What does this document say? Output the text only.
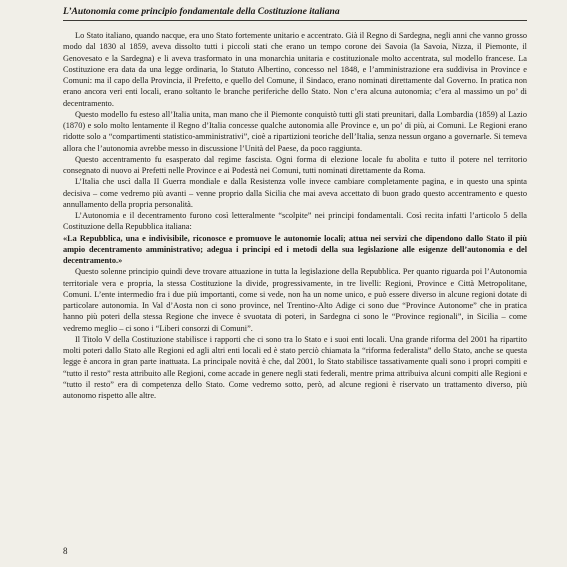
L’Autonomia come principio fondamentale della Costituzione italiana

Lo Stato italiano, quando nacque, era uno Stato fortemente unitario e accentrato. Già il Regno di Sardegna, negli anni che vanno grosso modo dal 1830 al 1859, aveva dissolto tutti i piccoli stati che erano un tempo corone dei Savoia (la Savoia, Nizza, il Piemonte, il Genovesato e la Sardegna) e li aveva trasformato in una monarchia unitaria e costituzionale molto accentrata, sul modello francese. La Costituzione era data da una legge ordinaria, lo Statuto Albertino, concesso nel 1848, e l’amministrazione era suddivisa in Province e Comuni: ma il capo della Provincia, il Prefetto, e quello del Comune, il Sindaco, erano nominati direttamente dal Governo. In pratica non erano ancora veri enti locali, erano soltanto le branche periferiche dello Stato. Non c’era alcuna autonomia; c’era al massimo un po’ di decentramento.

Questo modello fu esteso all’Italia unita, man mano che il Piemonte conquistò tutti gli stati preunitari, dalla Lombardia (1859) al Lazio (1870) e solo molto lentamente il Regno d’Italia concesse qualche autonomia alle Province e, un po’ di più, ai Comuni. Le Regioni erano ridotte solo a “compartimenti statistico-amministrativi”, cioè a ripartizioni teoriche dell’Italia, senza nessun organo a governarle. Si temeva allora che l’autonomia avrebbe messo in discussione l’Unità del Paese, da poco raggiunta.

Questo accentramento fu esasperato dal regime fascista. Ogni forma di elezione locale fu abolita e tutto il potere nel territorio consegnato di nuovo ai Prefetti nelle Province e ai Podestà nei Comuni, tutti nominati direttamente da Roma.

L’Italia che uscì dalla II Guerra mondiale e dalla Resistenza volle invece cambiare completamente pagina, e in questo una spinta decisiva – come vedremo più avanti – venne proprio dalla Sicilia che mai aveva accettato di buon grado questo accentramento e questo annullamento della propria personalità.

L’Autonomia e il decentramento furono così letteralmente “scolpite” nei principi fondamentali. Così recita infatti l’articolo 5 della Costituzione della Repubblica italiana:

«La Repubblica, una e indivisibile, riconosce e promuove le autonomie locali; attua nei servizi che dipendono dallo Stato il più ampio decentramento amministrativo; adegua i principi ed i metodi della sua legislazione alle esigenze dell’autonomia e del decentramento.»

Questo solenne principio quindi deve trovare attuazione in tutta la legislazione della Repubblica. Per quanto riguarda poi l’Autonomia territoriale vera e propria, la stessa Costituzione la divide, progressivamente, in tre livelli: Regioni, Province e Città Metropolitane, Comuni. L’ente intermedio fra i due più importanti, come si vede, non ha un nome unico, e può essere diverso in alcune regioni dotate di particolare autonomia. In Val d’Aosta non ci sono province, nel Trentino-Alto Adige ci sono due “Province Autonome” che in pratica hanno più poteri della stessa Regione che invece è svuotata di poteri, in Sardegna ci sono le “Province regionali”, in Sicilia – come vedremo meglio – ci sono i “Liberi consorzi di Comuni”.

Il Titolo V della Costituzione stabilisce i rapporti che ci sono tra lo Stato e i suoi enti locali. Una grande riforma del 2001 ha ripartito molti poteri dallo Stato alle Regioni ed agli altri enti locali ed è stato perciò chiamata la “riforma federalista” dello Stato, anche se questa legge è ancora in gran parte inattuata. La principale novità è che, dal 2001, lo Stato stabilisce tassativamente quali sono i propri compiti e “tutto il resto” resta attribuito alle Regioni, come accade in genere negli stati federali, mentre prima attribuiva alcuni compiti alle Regioni e “tutto il resto” era di competenza dello Stato. Come vedremo sotto, però, ad alcune regioni è riservato un trattamento diverso, più autonomo rispetto alle altre.

8
